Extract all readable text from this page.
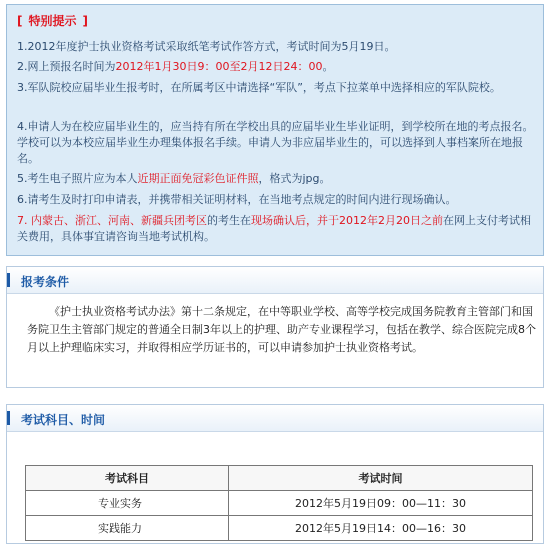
[ 特别提示 ]
1.2012年度护士执业资格考试采取纸笔考试作答方式，考试时间为5月19日。
2.网上预报名时间为2012年1月30日9：00至2月12日24：00。
3.军队院校应届毕业生报考时，在所属考区中请选择“军队”，考点下拉菜单中选择相应的军队院校。
4.申请人为在校应届毕业生的，应当持有所在学校出具的应届毕业生毕业证明，到学校所在地的考点报名。学校可以为本校应届毕业生办理集体报名手续。申请人为非应届毕业生的，可以选择到人事档案所在地报名。
5.考生电子照片应为本人近期正面免冠彩色证件照，格式为jpg。
6.请考生及时打印申请表，并携带相关证明材料，在当地考点规定的时间内进行现场确认。
7. 内蒙古、浙江、河南、新疆兵团考区的考生在现场确认后，并于2012年2月20日之前在网上支付考试相关费用，具体事宜请咨询当地考试机构。
报考条件
《护士执业资格考试办法》第十二条规定，在中等职业学校、高等学校完成国务院教育主管部门和国务院卫生主管部门规定的普通全日制3年以上的护理、助产专业课程学习，包括在教学、综合医院完成8个月以上护理临床实习，并取得相应学历证书的，可以申请参加护士执业资格考试。
考试科目、时间
考试科目	考试时间
专业实务	2012年5月19日09：00—11：30
实践能力	2012年5月19日14：00—16：30
